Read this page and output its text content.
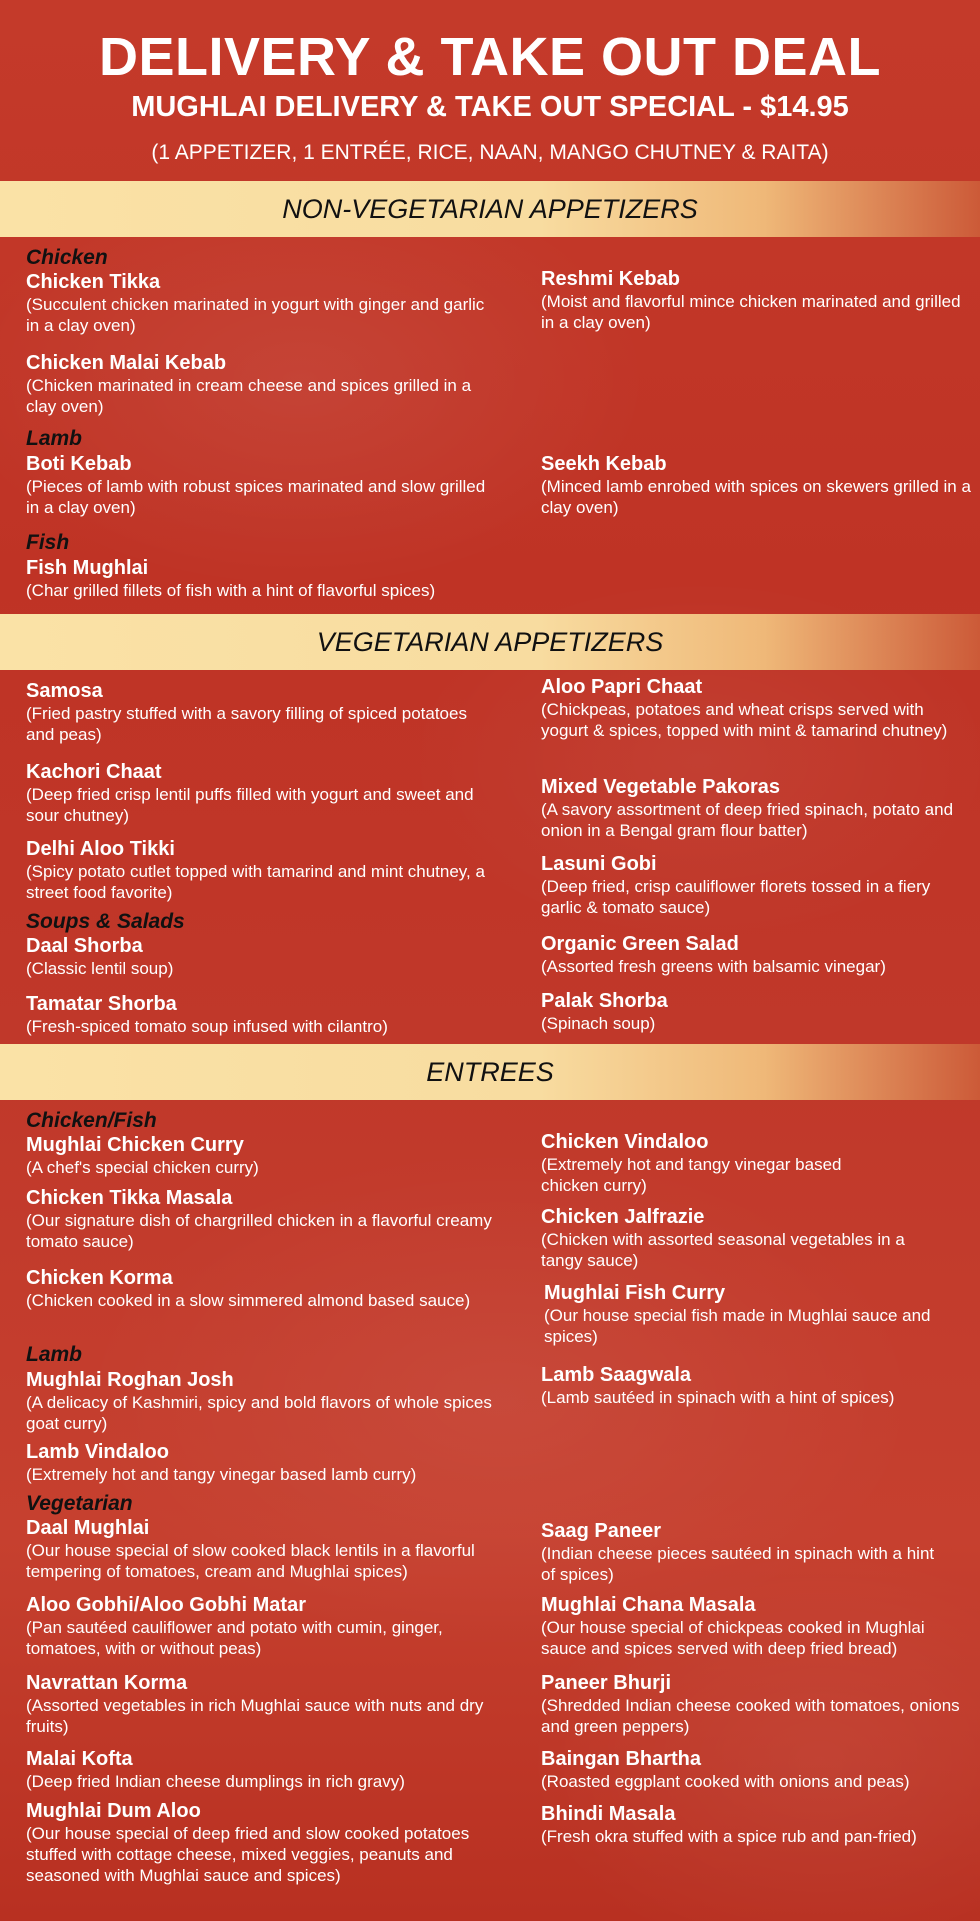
DELIVERY & TAKE OUT DEAL
MUGHLAI DELIVERY & TAKE OUT SPECIAL - $14.95
(1 APPETIZER, 1 ENTRÉE, RICE, NAAN, MANGO CHUTNEY & RAITA)
NON-VEGETARIAN APPETIZERS
VEGETARIAN APPETIZERS
ENTREES
Chicken
Lamb
Fish
Soups & Salads
Chicken/Fish
Lamb
Vegetarian
Chicken Tikka
(Succulent chicken marinated in yogurt with ginger and garlic in a clay oven)
Reshmi Kebab
(Moist and flavorful mince chicken marinated and grilled in a clay oven)
Chicken Malai Kebab
(Chicken marinated in cream cheese and spices grilled in a clay oven)
Boti Kebab
(Pieces of lamb with robust spices marinated and slow grilled in a clay oven)
Seekh Kebab
(Minced lamb enrobed with spices on skewers grilled in a clay oven)
Fish Mughlai
(Char grilled fillets of fish with a hint of flavorful spices)
Samosa
(Fried pastry stuffed with a savory filling of spiced potatoes and peas)
Aloo Papri Chaat
(Chickpeas, potatoes and wheat crisps served with yogurt & spices, topped with mint & tamarind chutney)
Kachori Chaat
(Deep fried crisp lentil puffs filled with yogurt and sweet and sour chutney)
Mixed Vegetable Pakoras
(A savory assortment of deep fried spinach, potato and onion in a Bengal gram flour batter)
Delhi Aloo Tikki
(Spicy potato cutlet topped with tamarind and mint chutney, a street food favorite)
Lasuni Gobi
(Deep fried, crisp cauliflower florets tossed in a fiery garlic & tomato sauce)
Daal Shorba
(Classic lentil soup)
Organic Green Salad
(Assorted fresh greens with balsamic vinegar)
Tamatar Shorba
(Fresh-spiced tomato soup infused with cilantro)
Palak Shorba
(Spinach soup)
Mughlai Chicken Curry
(A chef's special chicken curry)
Chicken Vindaloo
(Extremely hot and tangy vinegar based chicken curry)
Chicken Tikka Masala
(Our signature dish of chargrilled chicken in a flavorful creamy tomato sauce)
Chicken Jalfrazie
(Chicken with assorted seasonal vegetables in a tangy sauce)
Chicken Korma
(Chicken cooked in a slow simmered almond based sauce)	Mughlai Fish Curry
(Our house special fish made in Mughlai sauce and spices)
Mughlai Roghan Josh
(A delicacy of Kashmiri, spicy and bold flavors of whole spices goat curry)
Lamb Saagwala
(Lamb sautéed in spinach with a hint of spices)
Lamb Vindaloo
(Extremely hot and tangy vinegar based lamb curry)
Daal Mughlai
(Our house special of slow cooked black lentils in a flavorful tempering of tomatoes, cream and Mughlai spices)
Saag Paneer
(Indian cheese pieces sautéed in spinach with a hint of spices)
Aloo Gobhi/Aloo Gobhi Matar
(Pan sautéed cauliflower and potato with cumin, ginger, tomatoes, with or without peas)
Mughlai Chana Masala
(Our house special of chickpeas cooked in Mughlai sauce and spices served with deep fried bread)
Navrattan Korma
(Assorted vegetables in rich Mughlai sauce with nuts and dry fruits)
Paneer Bhurji
(Shredded Indian cheese cooked with tomatoes, onions and green peppers)
Malai Kofta
(Deep fried Indian cheese dumplings in rich gravy)
Baingan Bhartha
(Roasted eggplant cooked with onions and peas)
Mughlai Dum Aloo
(Our house special of deep fried and slow cooked potatoes stuffed with cottage cheese, mixed veggies, peanuts and seasoned with Mughlai sauce and spices)
Bhindi Masala
(Fresh okra stuffed with a spice rub and pan-fried)
